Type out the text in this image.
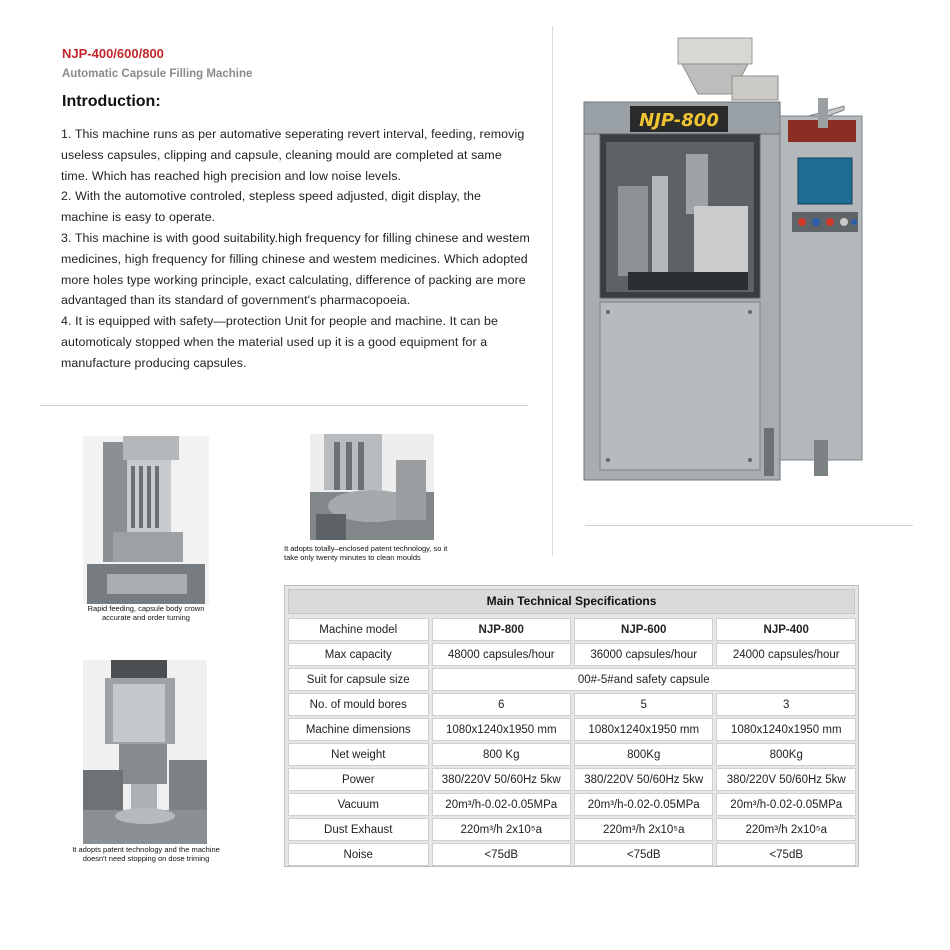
NJP-400/600/800
Automatic Capsule Filling Machine
Introduction:

1. This machine runs as per automative seperating revert interval, feeding, removig useless capsules, clipping and capsule, cleaning mould are completed at same time. Which has reached high precision and low noise levels.

2. With the automotive controled, stepless speed adjusted, digit display, the machine is easy to operate.

3. This machine is with good suitability.high frequency for filling chinese and westem medicines, high frequency for filling chinese and westem medicines. Which adopted more holes type working principle, exact calculating, difference of packing are more advantaged than its standard of government's pharmacopoeia.

4. It is equipped with safety—protection Unit for people and machine. It can be automoticaly stopped when the material used up it is a good equipment for a manufacture producing capsules.

NJP-800
Rapid feeding, capsule body crown accurate and order turning
It adopts totally–enclosed patent technology, so it take only twenty minutes to clean moulds
It adopts patent technology and the machine doesn't need stopping on dose triming
Main Technical Specifications
Machine model	NJP-800	NJP-600	NJP-400
Max capacity	48000 capsules/hour	36000 capsules/hour	24000 capsules/hour
Suit for capsule size	00#-5#and safety capsule		
No. of mould bores	6	5	3
Machine dimensions	1080x1240x1950 mm	1080x1240x1950 mm	1080x1240x1950 mm
Net weight	800 Kg	800Kg	800Kg
Power	380/220V 50/60Hz 5kw	380/220V 50/60Hz 5kw	380/220V 50/60Hz 5kw
Vacuum	20m³/h-0.02-0.05MPa	20m³/h-0.02-0.05MPa	20m³/h-0.02-0.05MPa
Dust Exhaust	220m³/h 2x10⁵a	220m³/h 2x10⁵a	220m³/h 2x10⁵a
Noise	<75dB	<75dB	<75dB
